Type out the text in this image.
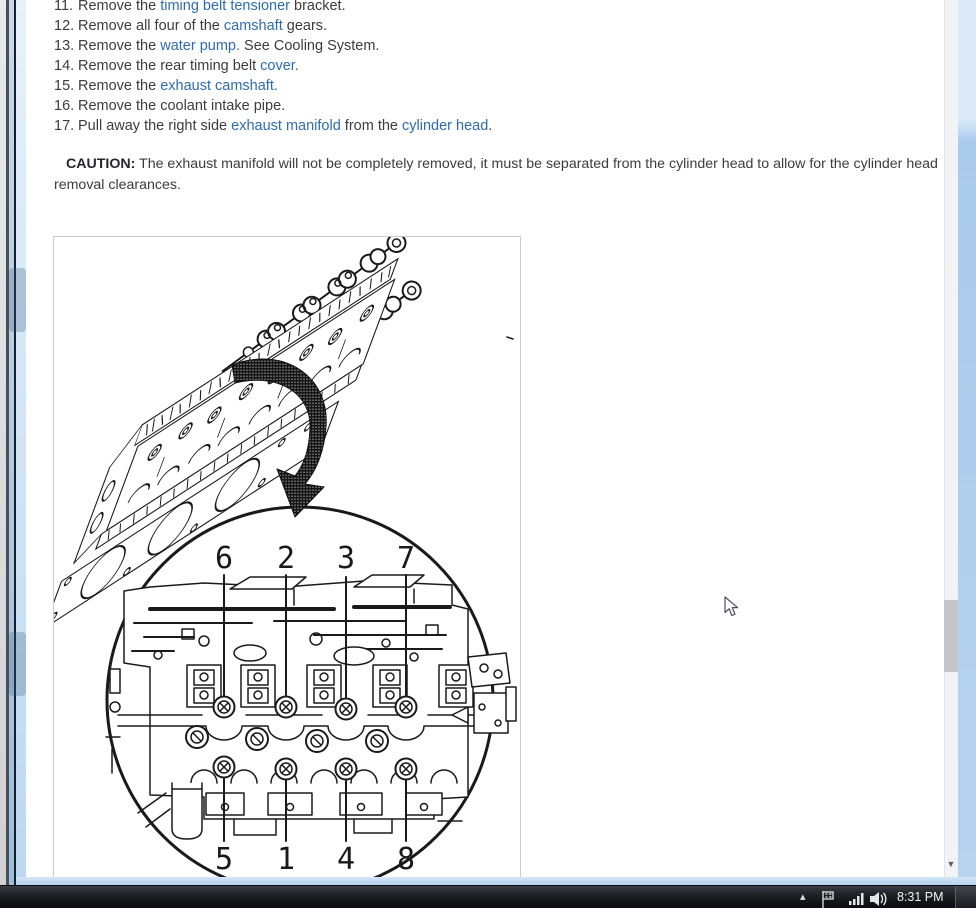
11. Remove the timing belt tensioner bracket.
12. Remove all four of the camshaft gears.
13. Remove the water pump. See Cooling System.
14. Remove the rear timing belt cover.
15. Remove the exhaust camshaft.
16. Remove the coolant intake pipe.
17. Pull away the right side exhaust manifold from the cylinder head.

CAUTION: The exhaust manifold will not be completely removed, it must be separated from the cylinder head to allow for the cylinder head removal clearances.

6 2 3 7
5 1 4 8	▼
▴	8:31 PM
